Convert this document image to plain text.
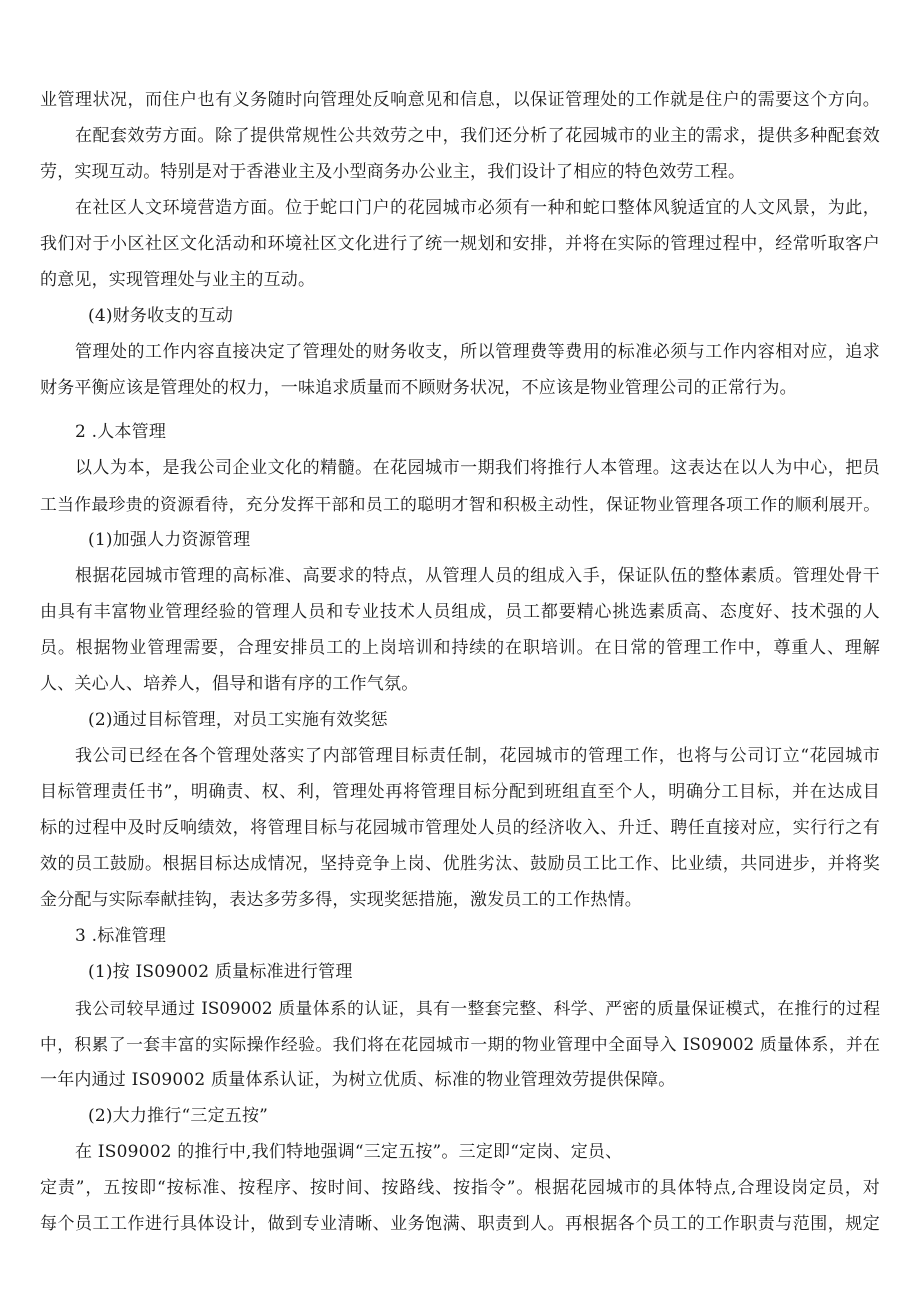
业管理状况，而住户也有义务随时向管理处反响意见和信息，以保证管理处的工作就是住户的需要这个方向。

在配套效劳方面。除了提供常规性公共效劳之中，我们还分析了花园城市的业主的需求，提供多种配套效

劳，实现互动。特别是对于香港业主及小型商务办公业主，我们设计了相应的特色效劳工程。

在社区人文环境营造方面。位于蛇口门户的花园城市必须有一种和蛇口整体风貌适宜的人文风景，为此，

我们对于小区社区文化活动和环境社区文化进行了统一规划和安排，并将在实际的管理过程中，经常听取客户

的意见，实现管理处与业主的互动。

(4)财务收支的互动

管理处的工作内容直接决定了管理处的财务收支，所以管理费等费用的标准必须与工作内容相对应，追求

财务平衡应该是管理处的权力，一味追求质量而不顾财务状况，不应该是物业管理公司的正常行为。

2 .人本管理

以人为本，是我公司企业文化的精髓。在花园城市一期我们将推行人本管理。这表达在以人为中心，把员

工当作最珍贵的资源看待，充分发挥干部和员工的聪明才智和积极主动性，保证物业管理各项工作的顺利展开。

(1)加强人力资源管理

根据花园城市管理的高标准、高要求的特点，从管理人员的组成入手，保证队伍的整体素质。管理处骨干

由具有丰富物业管理经验的管理人员和专业技术人员组成，员工都要精心挑选素质高、态度好、技术强的人

员。根据物业管理需要，合理安排员工的上岗培训和持续的在职培训。在日常的管理工作中，尊重人、理解

人、关心人、培养人，倡导和谐有序的工作气氛。

(2)通过目标管理，对员工实施有效奖惩

我公司已经在各个管理处落实了内部管理目标责任制，花园城市的管理工作，也将与公司订立“花园城市

目标管理责任书”，明确责、权、利，管理处再将管理目标分配到班组直至个人，明确分工目标，并在达成目

标的过程中及时反响绩效，将管理目标与花园城市管理处人员的经济收入、升迁、聘任直接对应，实行行之有

效的员工鼓励。根据目标达成情况，坚持竞争上岗、优胜劣汰、鼓励员工比工作、比业绩，共同进步，并将奖

金分配与实际奉献挂钩，表达多劳多得，实现奖惩措施，激发员工的工作热情。

3 .标准管理

(1)按 IS09002 质量标准进行管理

我公司较早通过 IS09002 质量体系的认证，具有一整套完整、科学、严密的质量保证模式，在推行的过程

中，积累了一套丰富的实际操作经验。我们将在花园城市一期的物业管理中全面导入 IS09002 质量体系，并在

一年内通过 IS09002 质量体系认证，为树立优质、标准的物业管理效劳提供保障。

(2)大力推行“三定五按”

在 IS09002 的推行中,我们特地强调“三定五按”。三定即“定岗、定员、

定责”，五按即“按标准、按程序、按时间、按路线、按指令”。根据花园城市的具体特点,合理设岗定员，对

每个员工工作进行具体设计，做到专业清晰、业务饱满、职责到人。再根据各个员工的工作职责与范围，规定
